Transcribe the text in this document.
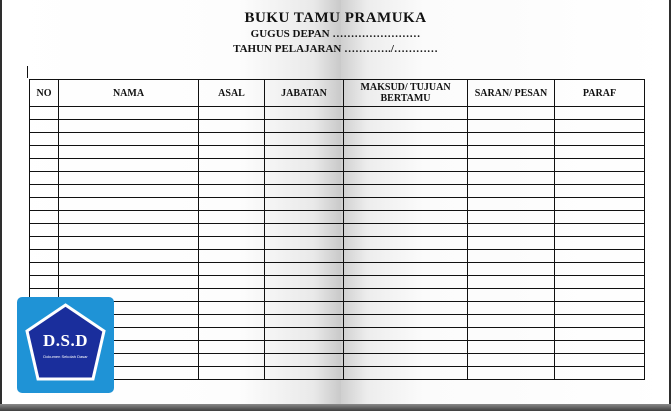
BUKU TAMU PRAMUKA
GUGUS DEPAN ……………………
TAHUN PELAJARAN …………./…………
NO	NAMA	ASAL	JABATAN	MAKSUD/ TUJUAN BERTAMU	SARAN/ PESAN	PARAF

D.S.D
Dokumen Sekolah Dasar
